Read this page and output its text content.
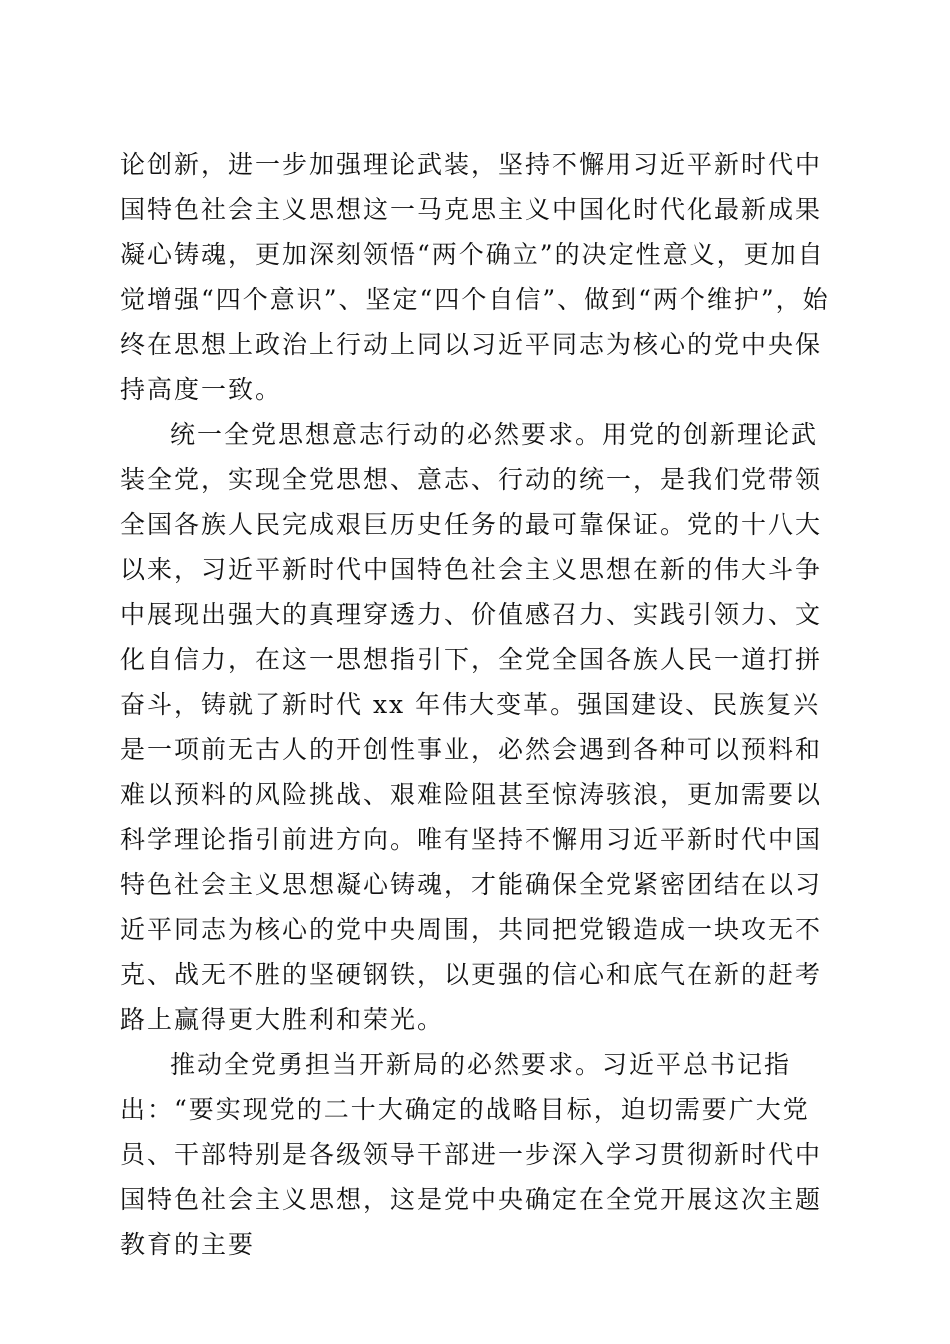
论创新，进一步加强理论武装，坚持不懈用习近平新时代中国特色社会主义思想这一马克思主义中国化时代化最新成果凝心铸魂，更加深刻领悟“两个确立”的决定性意义，更加自觉增强“四个意识”、坚定“四个自信”、做到“两个维护”，始终在思想上政治上行动上同以习近平同志为核心的党中央保持高度一致。

统一全党思想意志行动的必然要求。用党的创新理论武装全党，实现全党思想、意志、行动的统一，是我们党带领全国各族人民完成艰巨历史任务的最可靠保证。党的十八大以来，习近平新时代中国特色社会主义思想在新的伟大斗争中展现出强大的真理穿透力、价值感召力、实践引领力、文化自信力，在这一思想指引下，全党全国各族人民一道打拼奋斗，铸就了新时代 xx 年伟大变革。强国建设、民族复兴是一项前无古人的开创性事业，必然会遇到各种可以预料和难以预料的风险挑战、艰难险阻甚至惊涛骇浪，更加需要以科学理论指引前进方向。唯有坚持不懈用习近平新时代中国特色社会主义思想凝心铸魂，才能确保全党紧密团结在以习近平同志为核心的党中央周围，共同把党锻造成一块攻无不克、战无不胜的坚硬钢铁，以更强的信心和底气在新的赶考路上赢得更大胜利和荣光。

推动全党勇担当开新局的必然要求。习近平总书记指出：“要实现党的二十大确定的战略目标，迫切需要广大党员、干部特别是各级领导干部进一步深入学习贯彻新时代中国特色社会主义思想，这是党中央确定在全党开展这次主题教育的主要
